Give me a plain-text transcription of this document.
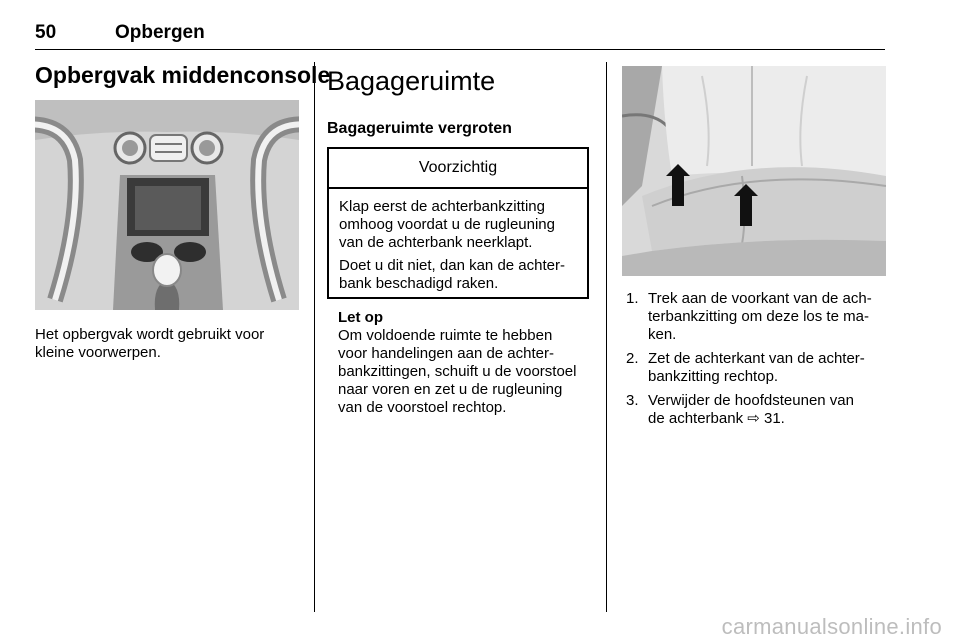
50	Opbergen
Opbergvak middenconsole
Het opbergvak wordt gebruikt voor
kleine voorwerpen.
Bagageruimte
Bagageruimte vergroten
Voorzichtig

Klap eerst de achterbankzitting
omhoog voordat u de rugleuning
van de achterbank neerklapt.

Doet u dit niet, dan kan de achter-
bank beschadigd raken.

Let op
Om voldoende ruimte te hebben
voor handelingen aan de achter-
bankzittingen, schuift u de voorstoel
naar voren en zet u de rugleuning
van de voorstoel rechtop.
1. Trek aan de voorkant van de ach-
terbankzitting om deze los te ma-
ken.
2. Zet de achterkant van de achter-
bankzitting rechtop.
3. Verwijder de hoofdsteunen van
de achterbank ⇨ 31.
carmanualsonline.info
